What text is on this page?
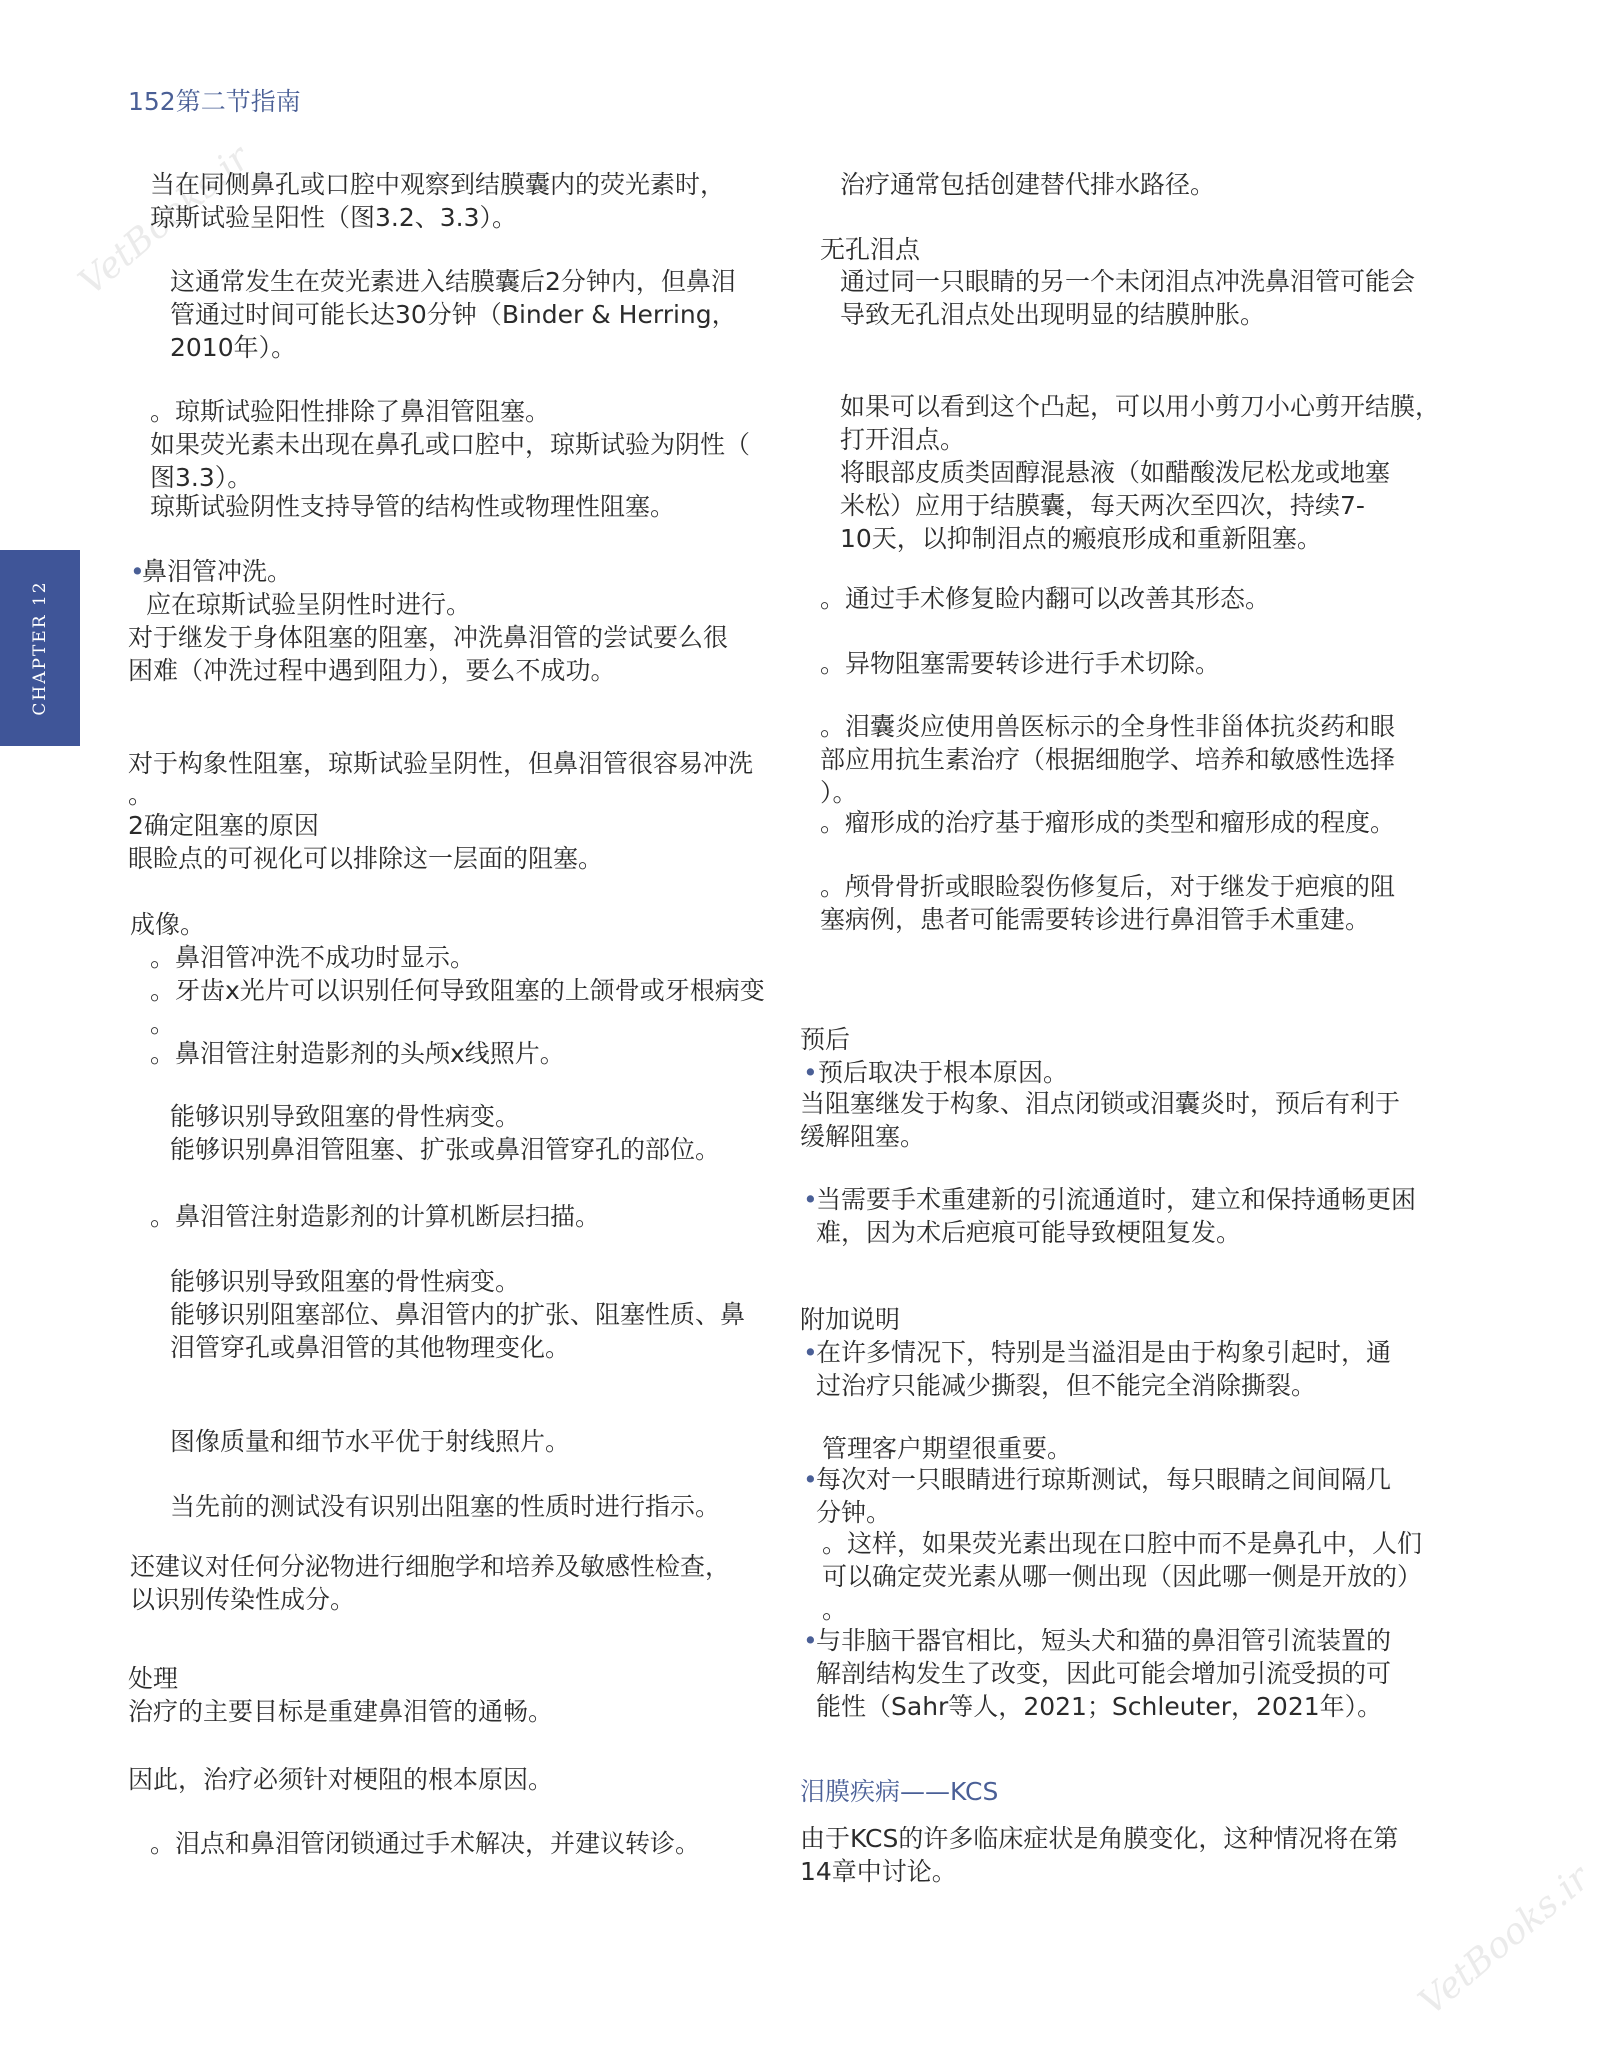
152第二节指南
CHAPTER 12
VetBooks.ir
VetBooks.ir
当在同侧鼻孔或口腔中观察到结膜囊内的荧光素时，
琼斯试验呈阳性（图3.2、3.3）。
这通常发生在荧光素进入结膜囊后2分钟内，但鼻泪
管通过时间可能长达30分钟（Binder & Herring，
2010年）。
。琼斯试验阳性排除了鼻泪管阻塞。
如果荧光素未出现在鼻孔或口腔中，琼斯试验为阴性（
图3.3）。
琼斯试验阴性支持导管的结构性或物理性阻塞。
•
鼻泪管冲洗。
应在琼斯试验呈阴性时进行。
对于继发于身体阻塞的阻塞，冲洗鼻泪管的尝试要么很
困难（冲洗过程中遇到阻力），要么不成功。
对于构象性阻塞，琼斯试验呈阴性，但鼻泪管很容易冲洗
。
2确定阻塞的原因
眼睑点的可视化可以排除这一层面的阻塞。
成像。
。鼻泪管冲洗不成功时显示。
。牙齿x光片可以识别任何导致阻塞的上颌骨或牙根病变
。
。鼻泪管注射造影剂的头颅x线照片。
能够识别导致阻塞的骨性病变。
能够识别鼻泪管阻塞、扩张或鼻泪管穿孔的部位。
。鼻泪管注射造影剂的计算机断层扫描。
能够识别导致阻塞的骨性病变。
能够识别阻塞部位、鼻泪管内的扩张、阻塞性质、鼻
泪管穿孔或鼻泪管的其他物理变化。
图像质量和细节水平优于射线照片。
当先前的测试没有识别出阻塞的性质时进行指示。
还建议对任何分泌物进行细胞学和培养及敏感性检查，
以识别传染性成分。
处理
治疗的主要目标是重建鼻泪管的通畅。
因此，治疗必须针对梗阻的根本原因。
。泪点和鼻泪管闭锁通过手术解决，并建议转诊。
治疗通常包括创建替代排水路径。
无孔泪点
通过同一只眼睛的另一个未闭泪点冲洗鼻泪管可能会
导致无孔泪点处出现明显的结膜肿胀。
如果可以看到这个凸起，可以用小剪刀小心剪开结膜，
打开泪点。
将眼部皮质类固醇混悬液（如醋酸泼尼松龙或地塞
米松）应用于结膜囊，每天两次至四次，持续7-
10天，以抑制泪点的瘢痕形成和重新阻塞。
。通过手术修复睑内翻可以改善其形态。
。异物阻塞需要转诊进行手术切除。
。泪囊炎应使用兽医标示的全身性非甾体抗炎药和眼
部应用抗生素治疗（根据细胞学、培养和敏感性选择
）。
。瘤形成的治疗基于瘤形成的类型和瘤形成的程度。
。颅骨骨折或眼睑裂伤修复后，对于继发于疤痕的阻
塞病例，患者可能需要转诊进行鼻泪管手术重建。
预后
• 预后取决于根本原因。
当阻塞继发于构象、泪点闭锁或泪囊炎时，预后有利于
缓解阻塞。
•
当需要手术重建新的引流通道时，建立和保持通畅更困
难，因为术后疤痕可能导致梗阻复发。
附加说明
•
在许多情况下，特别是当溢泪是由于构象引起时，通
过治疗只能减少撕裂，但不能完全消除撕裂。
管理客户期望很重要。
•
每次对一只眼睛进行琼斯测试，每只眼睛之间间隔几
分钟。
。这样，如果荧光素出现在口腔中而不是鼻孔中，人们
可以确定荧光素从哪一侧出现（因此哪一侧是开放的）
。
•
与非脑干器官相比，短头犬和猫的鼻泪管引流装置的
解剖结构发生了改变，因此可能会增加引流受损的可
能性（Sahr等人，2021；Schleuter，2021年）。
泪膜疾病——KCS
由于KCS的许多临床症状是角膜变化，这种情况将在第
14章中讨论。
